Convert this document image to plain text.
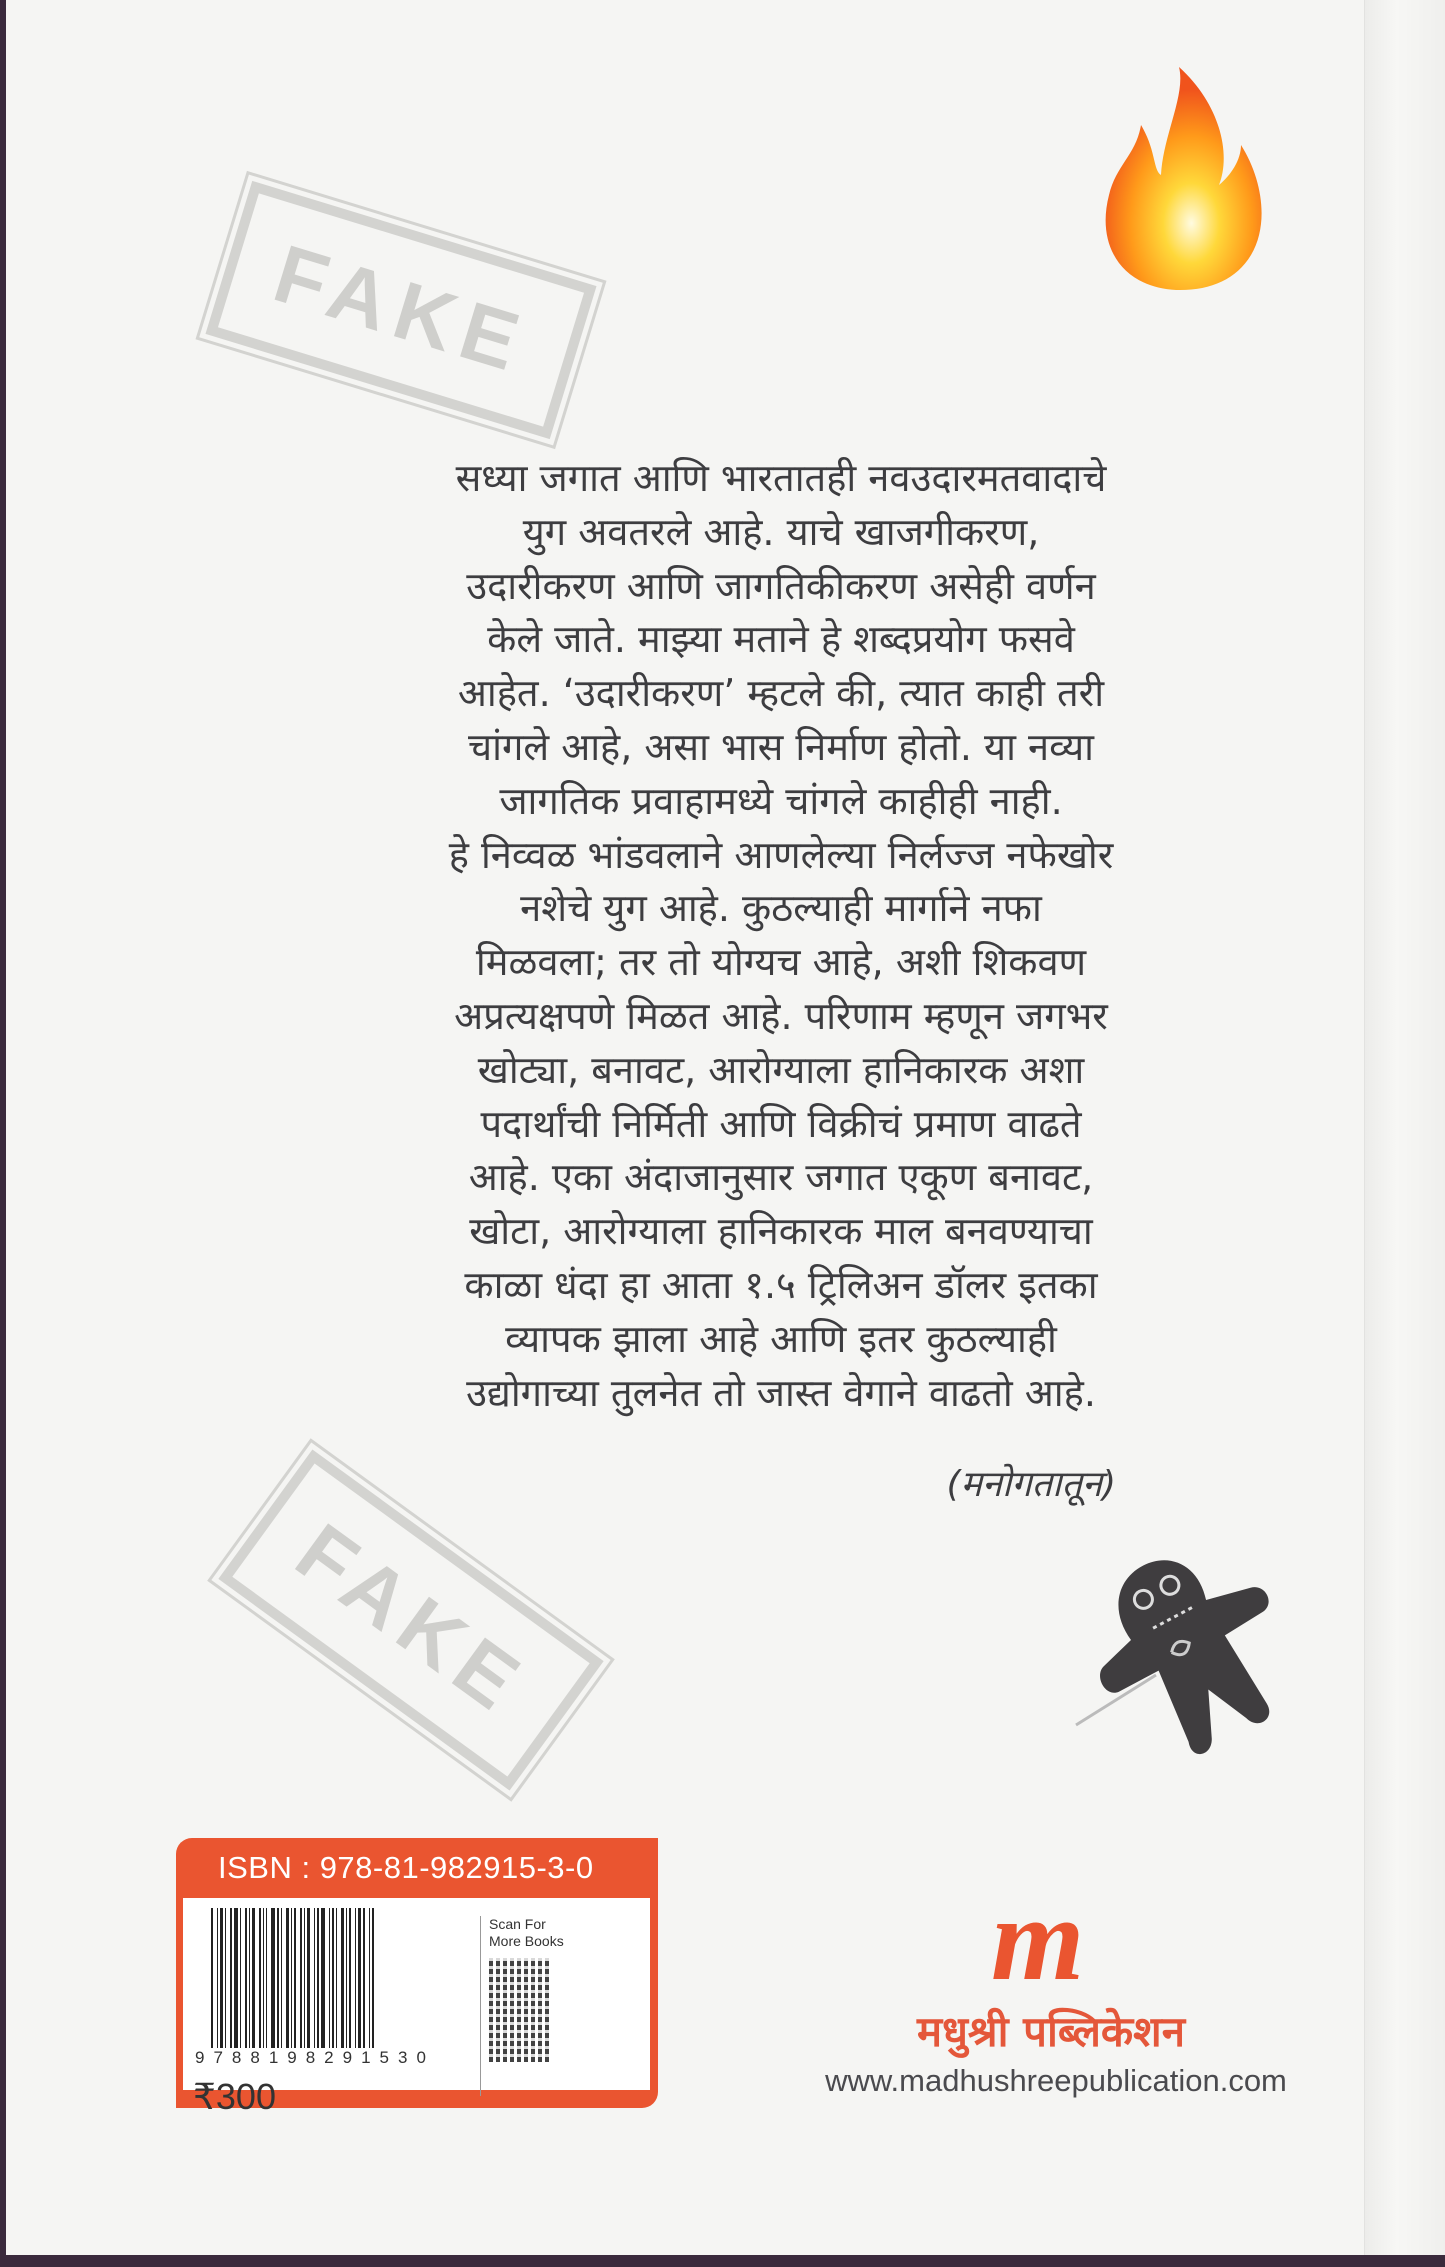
FAKE
FAKE
सध्या जगात आणि भारतातही नवउदारमतवादाचे
युग अवतरले आहे. याचे खाजगीकरण,
उदारीकरण आणि जागतिकीकरण असेही वर्णन
केले जाते. माझ्या मताने हे शब्दप्रयोग फसवे
आहेत. ‘उदारीकरण’ म्हटले की, त्यात काही तरी
चांगले आहे, असा भास निर्माण होतो. या नव्या
जागतिक प्रवाहामध्ये चांगले काहीही नाही.
हे निव्वळ भांडवलाने आणलेल्या निर्लज्ज नफेखोर
नशेचे युग आहे. कुठल्याही मार्गाने नफा
मिळवला; तर तो योग्यच आहे, अशी शिकवण
अप्रत्यक्षपणे मिळत आहे. परिणाम म्हणून जगभर
खोट्या, बनावट, आरोग्याला हानिकारक अशा
पदार्थांची निर्मिती आणि विक्रीचं प्रमाण वाढते
आहे. एका अंदाजानुसार जगात एकूण बनावट,
खोटा, आरोग्याला हानिकारक माल बनवण्याचा
काळा धंदा हा आता १.५ ट्रिलिअन डॉलर इतका
व्यापक झाला आहे आणि इतर कुठल्याही
उद्योगाच्या तुलनेत तो जास्त वेगाने वाढतो आहे.
(मनोगतातून)
ISBN : 978-81-982915-3-0
9788198291530
₹300
Scan For
More Books	m
मधुश्री पब्लिकेशन
www.madhushreepublication.com
